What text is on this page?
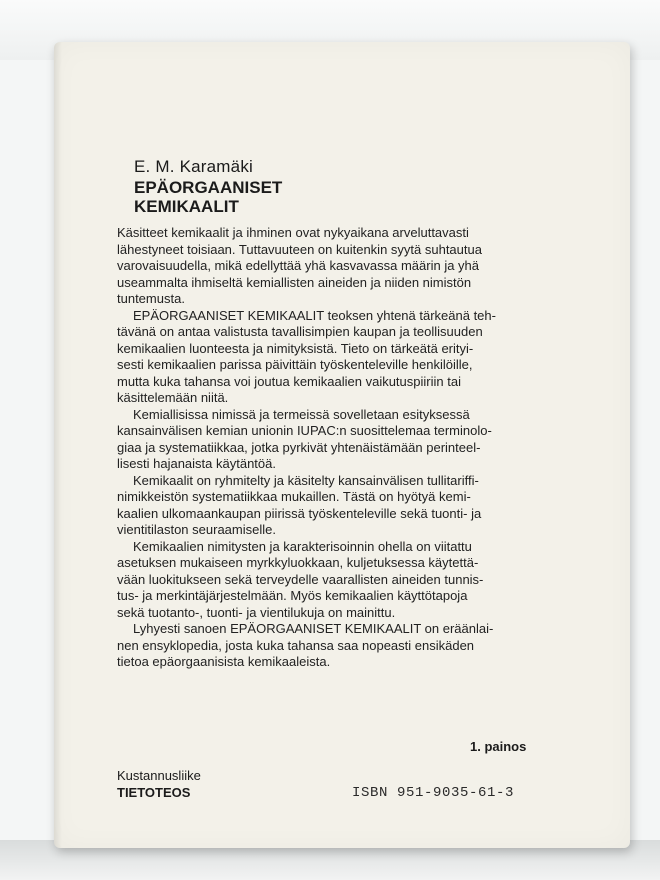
E. M. Karamäki
EPÄORGAANISET
KEMIKAALIT
Käsitteet kemikaalit ja ihminen ovat nykyaikana arveluttavasti
lähestyneet toisiaan. Tuttavuuteen on kuitenkin syytä suhtautua
varovaisuudella, mikä edellyttää yhä kasvavassa määrin ja yhä
useammalta ihmiseltä kemiallisten aineiden ja niiden nimistön
tuntemusta.
EPÄORGAANISET KEMIKAALIT teoksen yhtenä tärkeänä teh-
tävänä on antaa valistusta tavallisimpien kaupan ja teollisuuden
kemikaalien luonteesta ja nimityksistä. Tieto on tärkeätä erityi-
sesti kemikaalien parissa päivittäin työskenteleville henkilöille,
mutta kuka tahansa voi joutua kemikaalien vaikutuspiiriin tai
käsittelemään niitä.
Kemiallisissa nimissä ja termeissä sovelletaan esityksessä
kansainvälisen kemian unionin IUPAC:n suosittelemaa terminolo-
giaa ja systematiikkaa, jotka pyrkivät yhtenäistämään perinteel-
lisesti hajanaista käytäntöä.
Kemikaalit on ryhmitelty ja käsitelty kansainvälisen tullitariffi-
nimikkeistön systematiikkaa mukaillen. Tästä on hyötyä kemi-
kaalien ulkomaankaupan piirissä työskenteleville sekä tuonti- ja
vientitilaston seuraamiselle.
Kemikaalien nimitysten ja karakterisoinnin ohella on viitattu
asetuksen mukaiseen myrkkyluokkaan, kuljetuksessa käytettä-
vään luokitukseen sekä terveydelle vaarallisten aineiden tunnis-
tus- ja merkintäjärjestelmään. Myös kemikaalien käyttötapoja
sekä tuotanto-, tuonti- ja vientilukuja on mainittu.
Lyhyesti sanoen EPÄORGAANISET KEMIKAALIT on eräänlai-
nen ensyklopedia, josta kuka tahansa saa nopeasti ensikäden
tietoa epäorgaanisista kemikaaleista.
1. painos
Kustannusliike
TIETOTEOS	ISBN 951-9035-61-3
